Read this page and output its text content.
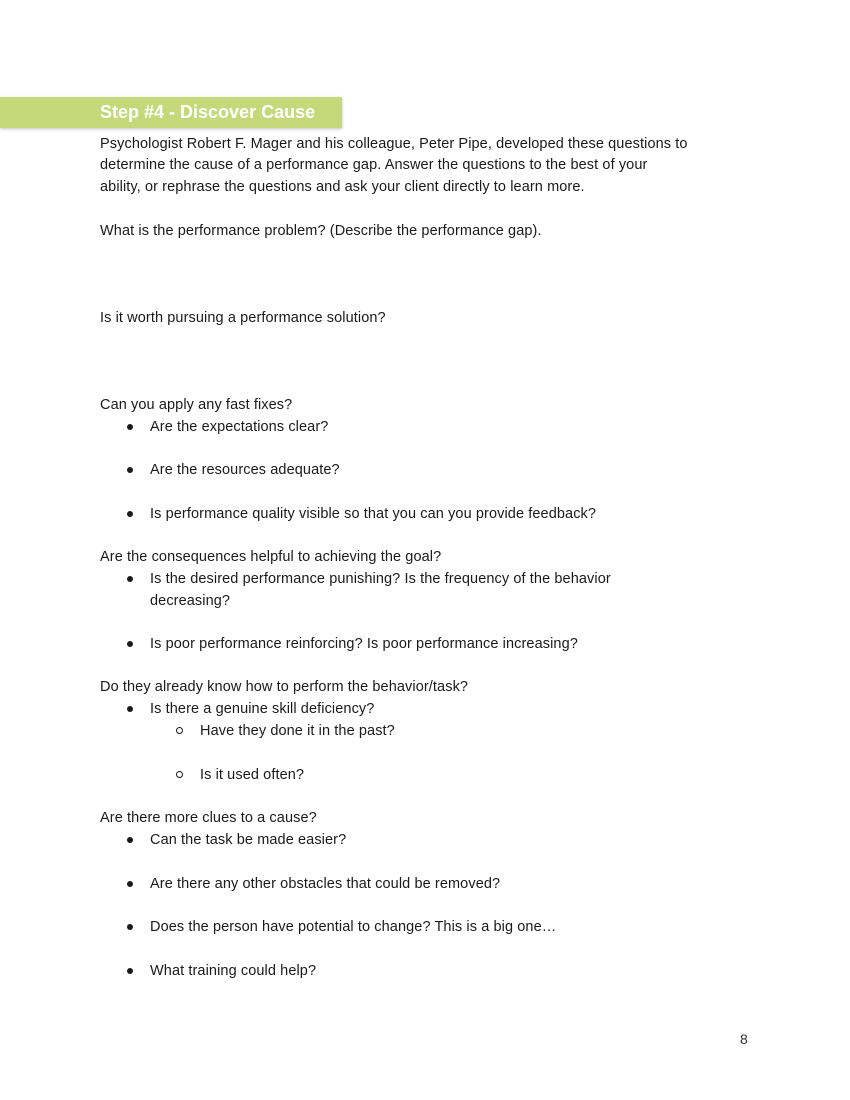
Step #4 - Discover Cause
Psychologist Robert F. Mager and his colleague, Peter Pipe, developed these questions to
determine the cause of a performance gap. Answer the questions to the best of your
ability, or rephrase the questions and ask your client directly to learn more.
What is the performance problem? (Describe the performance gap).
Is it worth pursuing a performance solution?
Can you apply any fast fixes?
Are the expectations clear?
Are the resources adequate?
Is performance quality visible so that you can you provide feedback?
Are the consequences helpful to achieving the goal?
Is the desired performance punishing? Is the frequency of the behavior
decreasing?
Is poor performance reinforcing? Is poor performance increasing?
Do they already know how to perform the behavior/task?
Is there a genuine skill deficiency?
Have they done it in the past?
Is it used often?
Are there more clues to a cause?
Can the task be made easier?
Are there any other obstacles that could be removed?
Does the person have potential to change? This is a big one…
What training could help?
8
